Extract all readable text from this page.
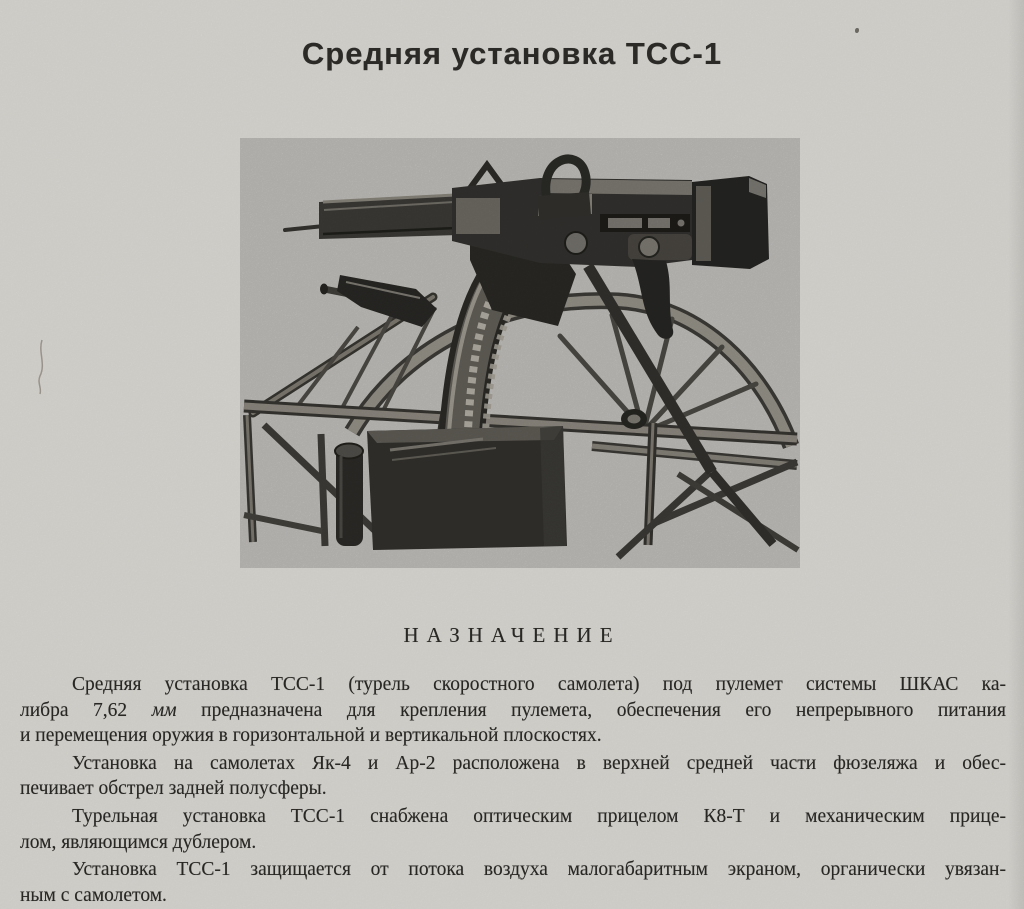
Средняя установка ТСС-1
НАЗНАЧЕНИЕ
Средняя установка ТСС-1 (турель скоростного самолета) под пулемет системы ШКАС ка-
либра 7,62 мм предназначена для крепления пулемета, обеспечения его непрерывного питания
и перемещения оружия в горизонтальной и вертикальной плоскостях.
Установка на самолетах Як-4 и Ар-2 расположена в верхней средней части фюзеляжа и обес-
печивает обстрел задней полусферы.
Турельная установка ТСС-1 снабжена оптическим прицелом К8-Т и механическим прице-
лом, являющимся дублером.
Установка ТСС-1 защищается от потока воздуха малогабаритным экраном, органически увязан-
ным с самолетом.
